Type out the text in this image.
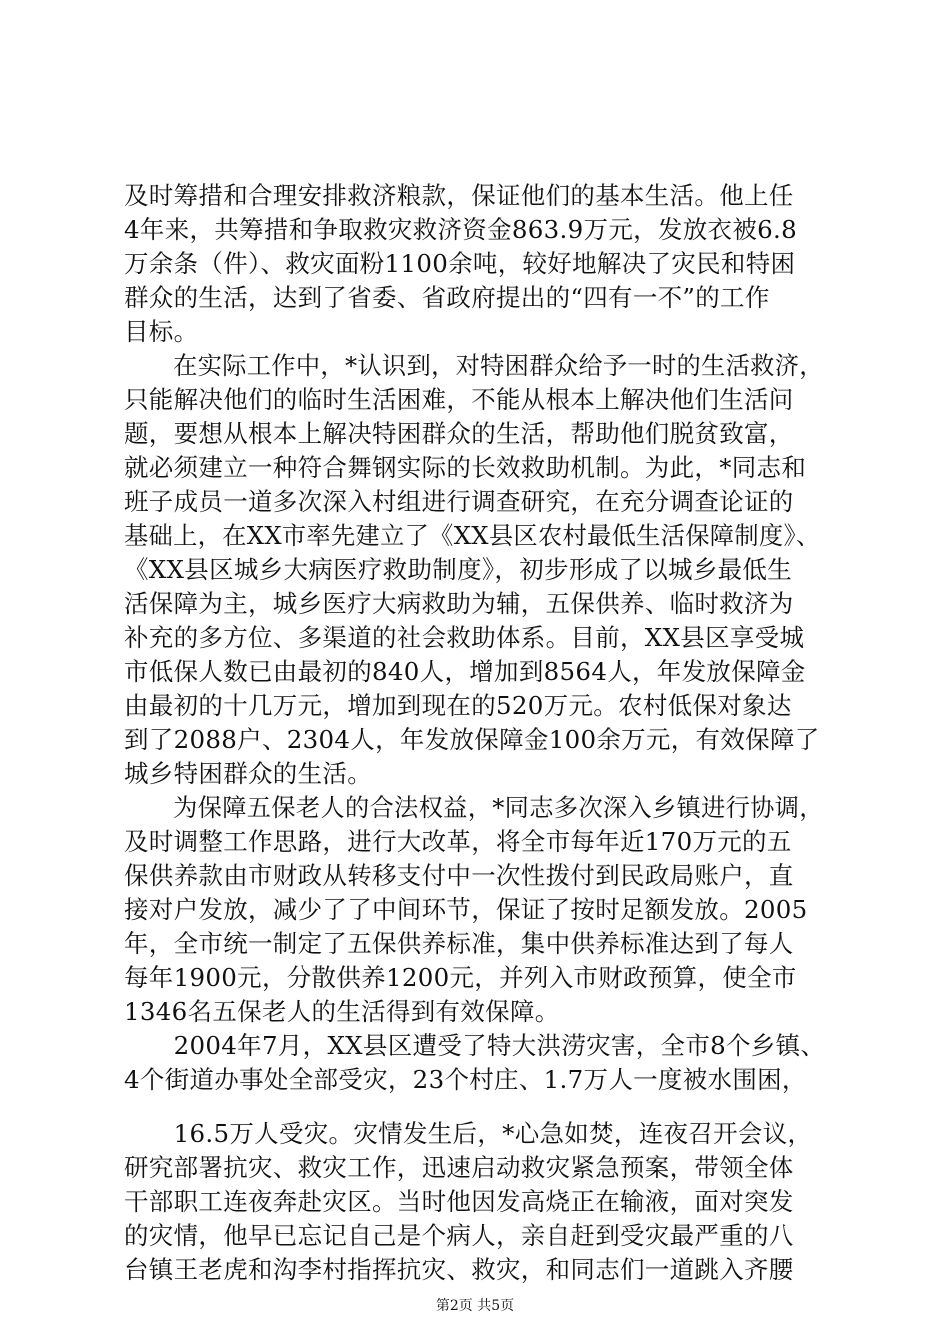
及时筹措和合理安排救济粮款，保证他们的基本生活。他上任
4年来，共筹措和争取救灾救济资金863.9万元，发放衣被6.8
万余条（件）、救灾面粉1100余吨，较好地解决了灾民和特困
群众的生活，达到了省委、省政府提出的“四有一不”的工作
目标。
　　在实际工作中，*认识到，对特困群众给予一时的生活救济，
只能解决他们的临时生活困难，不能从根本上解决他们生活问
题，要想从根本上解决特困群众的生活，帮助他们脱贫致富，
就必须建立一种符合舞钢实际的长效救助机制。为此，*同志和
班子成员一道多次深入村组进行调查研究，在充分调查论证的
基础上，在XX市率先建立了《XX县区农村最低生活保障制度》、
《XX县区城乡大病医疗救助制度》，初步形成了以城乡最低生
活保障为主，城乡医疗大病救助为辅，五保供养、临时救济为
补充的多方位、多渠道的社会救助体系。目前，XX县区享受城
市低保人数已由最初的840人，增加到8564人，年发放保障金
由最初的十几万元，增加到现在的520万元。农村低保对象达
到了2088户、2304人，年发放保障金100余万元，有效保障了
城乡特困群众的生活。
　　为保障五保老人的合法权益，*同志多次深入乡镇进行协调，
及时调整工作思路，进行大改革，将全市每年近170万元的五
保供养款由市财政从转移支付中一次性拨付到民政局账户，直
接对户发放，减少了了中间环节，保证了按时足额发放。2005
年，全市统一制定了五保供养标准，集中供养标准达到了每人
每年1900元，分散供养1200元，并列入市财政预算，使全市
1346名五保老人的生活得到有效保障。
　　2004年7月，XX县区遭受了特大洪涝灾害，全市8个乡镇、
4个街道办事处全部受灾，23个村庄、1.7万人一度被水围困，
　　16.5万人受灾。灾情发生后，*心急如焚，连夜召开会议，
研究部署抗灾、救灾工作，迅速启动救灾紧急预案，带领全体
干部职工连夜奔赴灾区。当时他因发高烧正在输液，面对突发
的灾情，他早已忘记自己是个病人，亲自赶到受灾最严重的八
台镇王老虎和沟李村指挥抗灾、救灾，和同志们一道跳入齐腰
第2页 共5页
